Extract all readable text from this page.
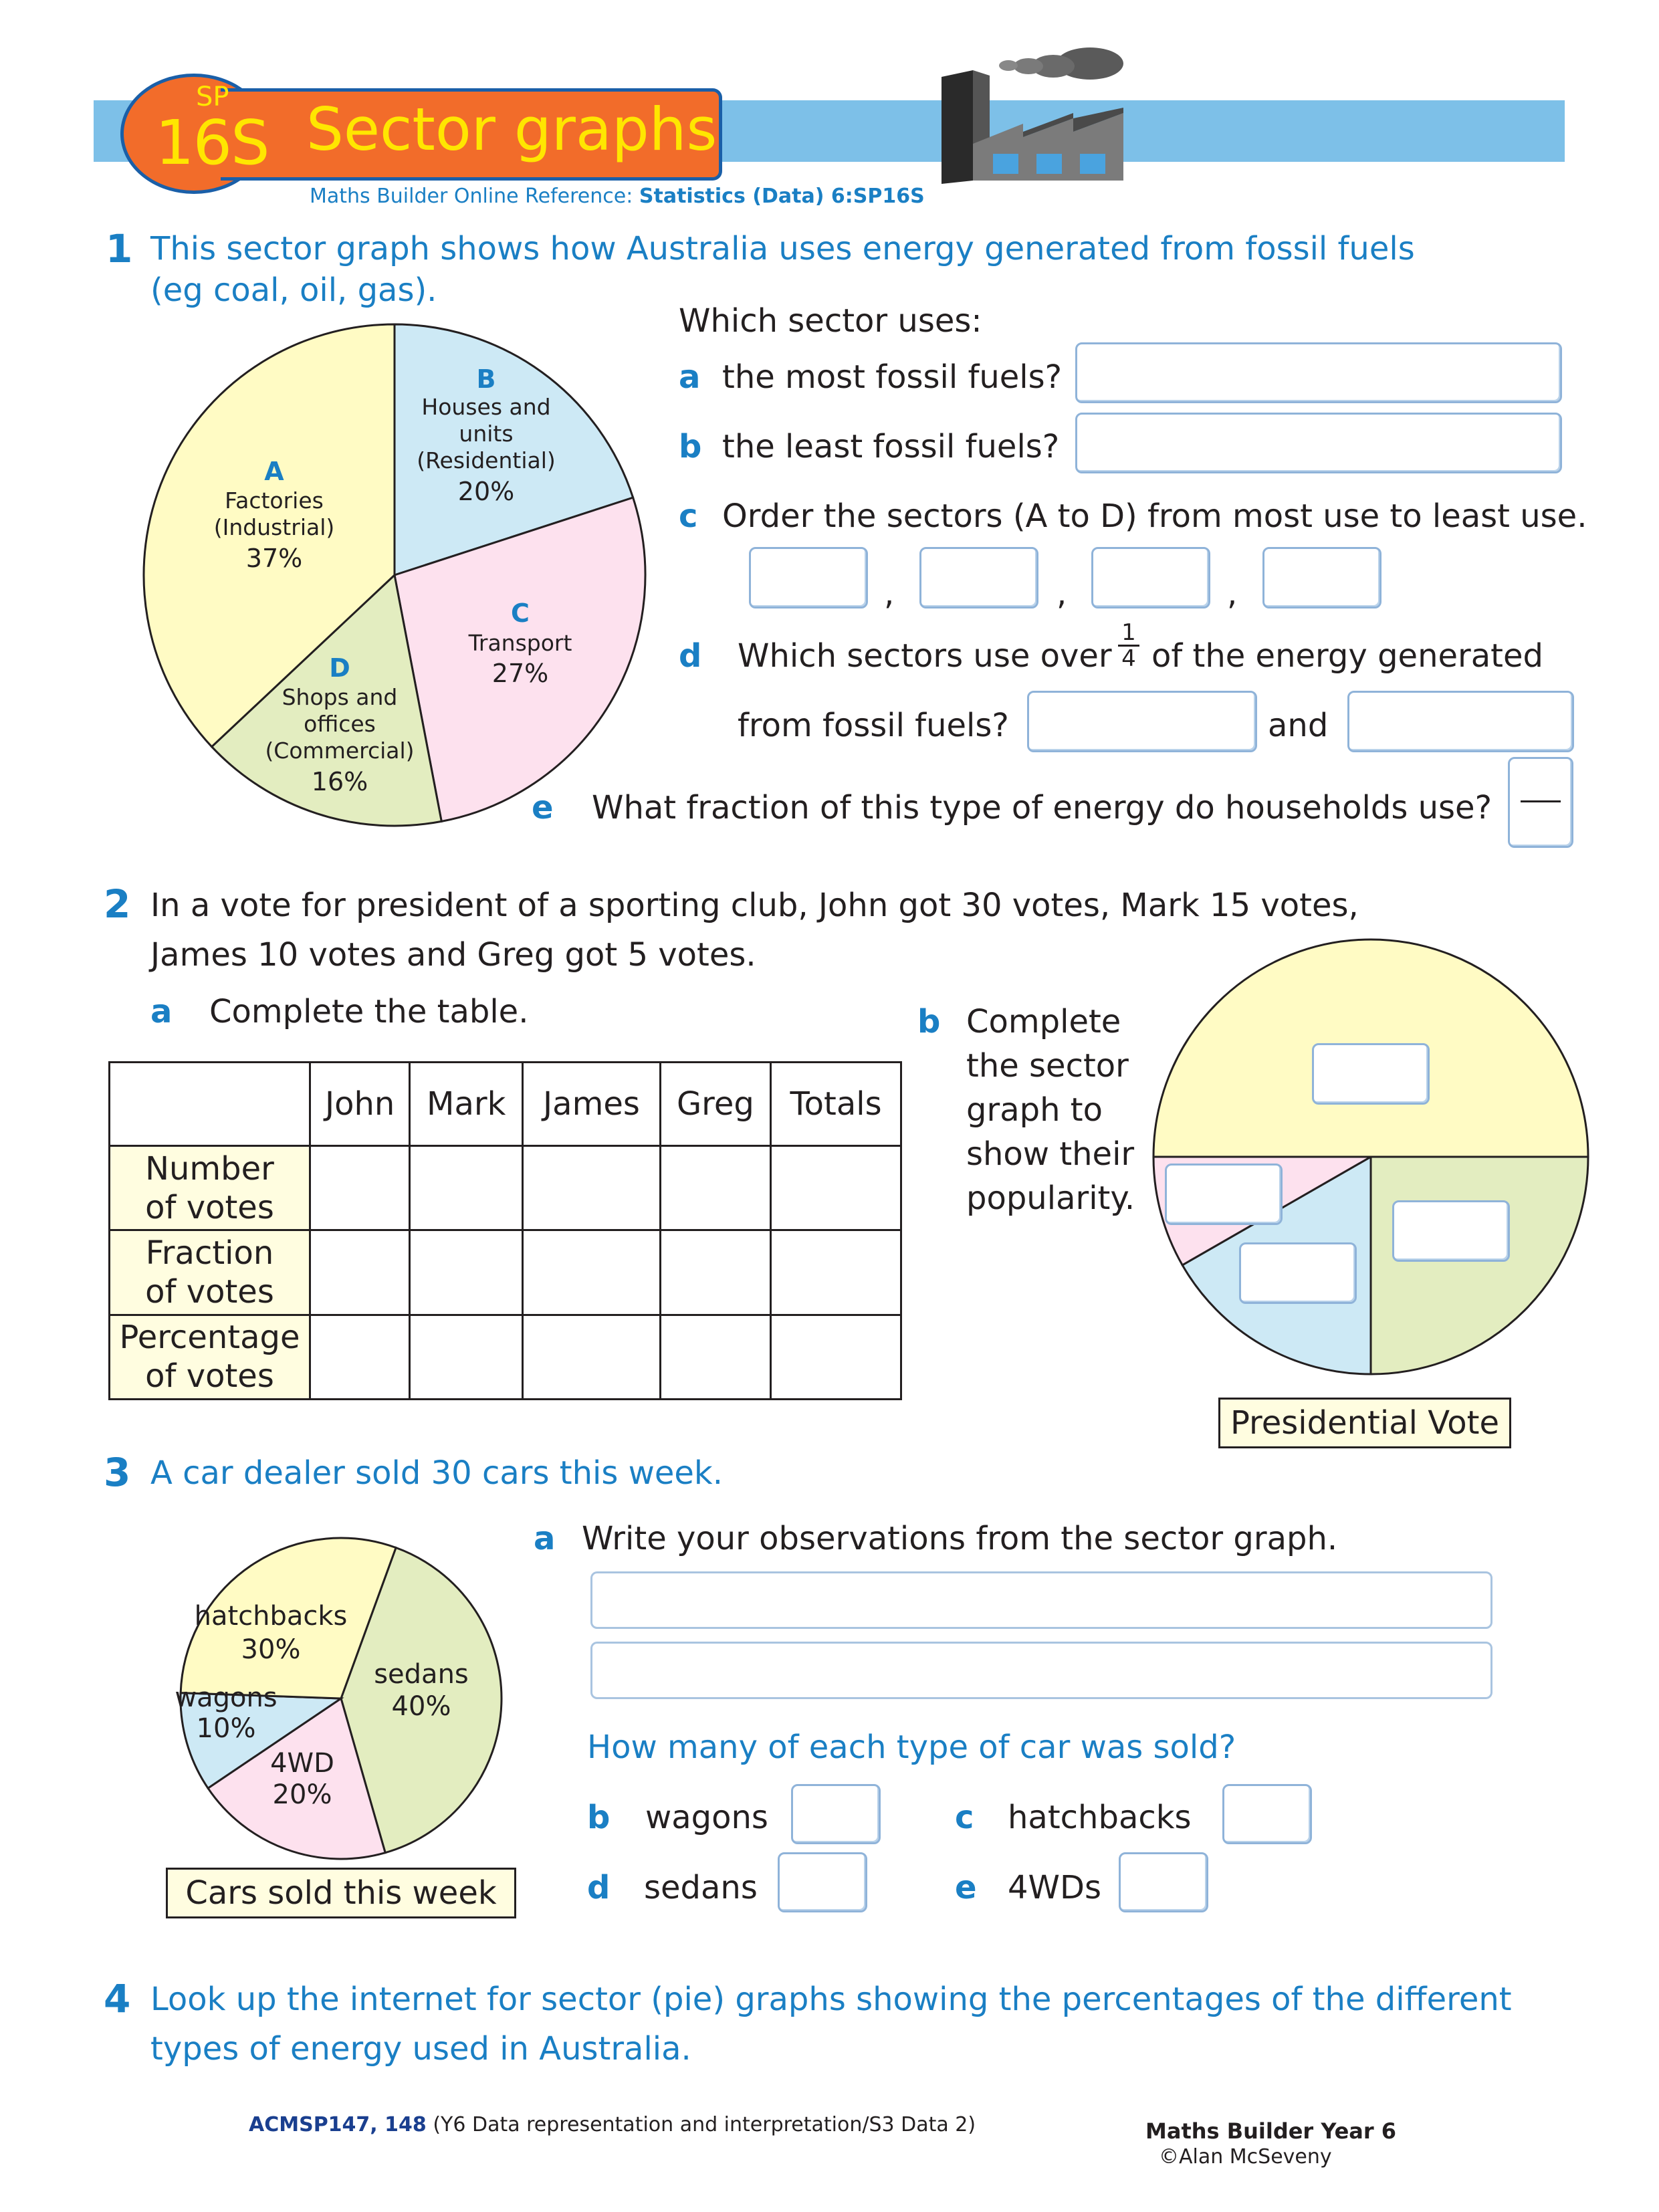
SP
16S Sector graphs
Maths Builder Online Reference: Statistics (Data) 6:SP16S
1 This sector graph shows how Australia uses energy generated from fossil fuels
(eg coal, oil, gas).
A
Factories
(Industrial)
37%
B
Houses and
units
(Residential)
20%
C
Transport
27%
D
Shops and
offices
(Commercial)
16%
Which sector uses:
a the most fossil fuels?
b the least fossil fuels?
c Order the sectors (A to D) from most use to least use.
,	,	,
d Which sectors use over $\frac{1}{4}$ of the energy generated
from fossil fuels?	and
e What fraction of this type of energy do households use?
2 In a vote for president of a sporting club, John got 30 votes, Mark 15 votes,
James 10 votes and Greg got 5 votes.
a Complete the table.
	John	Mark	James	Greg	Totals

Number
of votes					

Fraction
of votes					

Percentage
of votes					

b Complete
the sector
graph to
show their
popularity.
Presidential Vote
3 A car dealer sold 30 cars this week.
hatchbacks
30%
wagons
10%
4WD
20%
sedans
40%
Cars sold this week
a Write your observations from the sector graph.
How many of each type of car was sold?
b wagons	c hatchbacks
d sedans	e 4WDs
4 Look up the internet for sector (pie) graphs showing the percentages of the different
types of energy used in Australia.
ACMSP147, 148 (Y6 Data representation and interpretation/S3 Data 2)	Maths Builder Year 6
©Alan McSeveny
